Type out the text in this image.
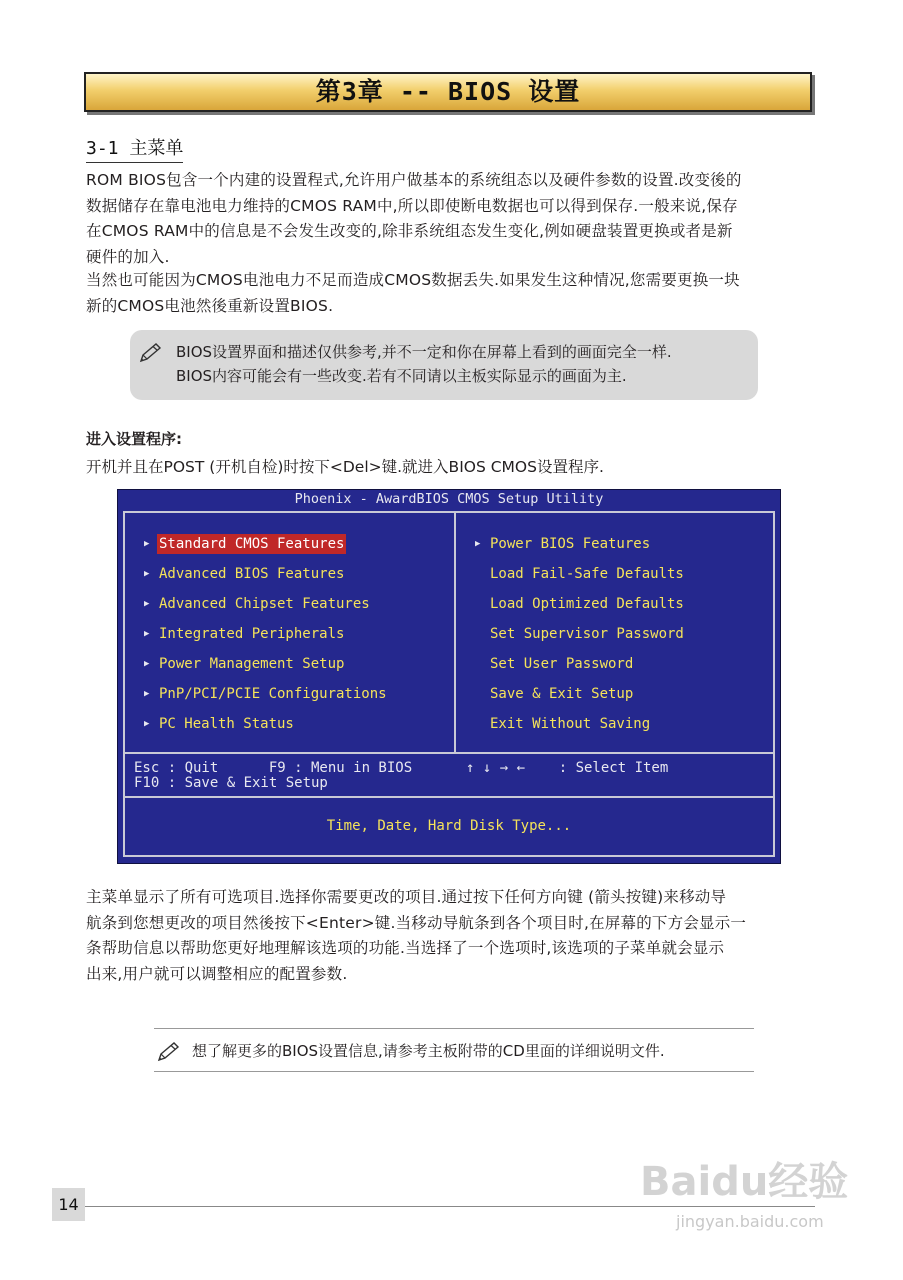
第3章 -- BIOS 设置
3-1 主菜单

ROM BIOS包含一个内建的设置程式,允许用户做基本的系统组态以及硬件参数的设置.改变後的
数据储存在靠电池电力维持的CMOS RAM中,所以即使断电数据也可以得到保存.一般来说,保存
在CMOS RAM中的信息是不会发生改变的,除非系统组态发生变化,例如硬盘装置更换或者是新
硬件的加入.

当然也可能因为CMOS电池电力不足而造成CMOS数据丢失.如果发生这种情况,您需要更换一块
新的CMOS电池然後重新设置BIOS.

BIOS设置界面和描述仅供参考,并不一定和你在屏幕上看到的画面完全一样.
BIOS内容可能会有一些改变.若有不同请以主板实际显示的画面为主.
进入设置程序:
开机并且在POST (开机自检)时按下<Del>键.就进入BIOS CMOS设置程序.
Phoenix - AwardBIOS CMOS Setup Utility
▶ Standard CMOS Features
▶ Advanced BIOS Features
▶ Advanced Chipset Features
▶ Integrated Peripherals
▶ Power Management Setup
▶ PnP/PCI/PCIE Configurations
▶ PC Health Status
▶ Power BIOS Features
Load Fail-Safe Defaults
Load Optimized Defaults
Set Supervisor Password
Set User Password
Save & Exit Setup
Exit Without Saving
Esc : Quit      F9 : Menu in BIOS	↑ ↓ → ←    : Select Item
F10 : Save & Exit Setup
Time, Date, Hard Disk Type...

主菜单显示了所有可选项目.选择你需要更改的项目.通过按下任何方向键 (箭头按键)来移动导
航条到您想更改的项目然後按下<Enter>键.当移动导航条到各个项目时,在屏幕的下方会显示一
条帮助信息以帮助您更好地理解该选项的功能.当选择了一个选项时,该选项的子菜单就会显示
出来,用户就可以调整相应的配置参数.

想了解更多的BIOS设置信息,请参考主板附带的CD里面的详细说明文件.
14	Baidu经验
jingyan.baidu.com
